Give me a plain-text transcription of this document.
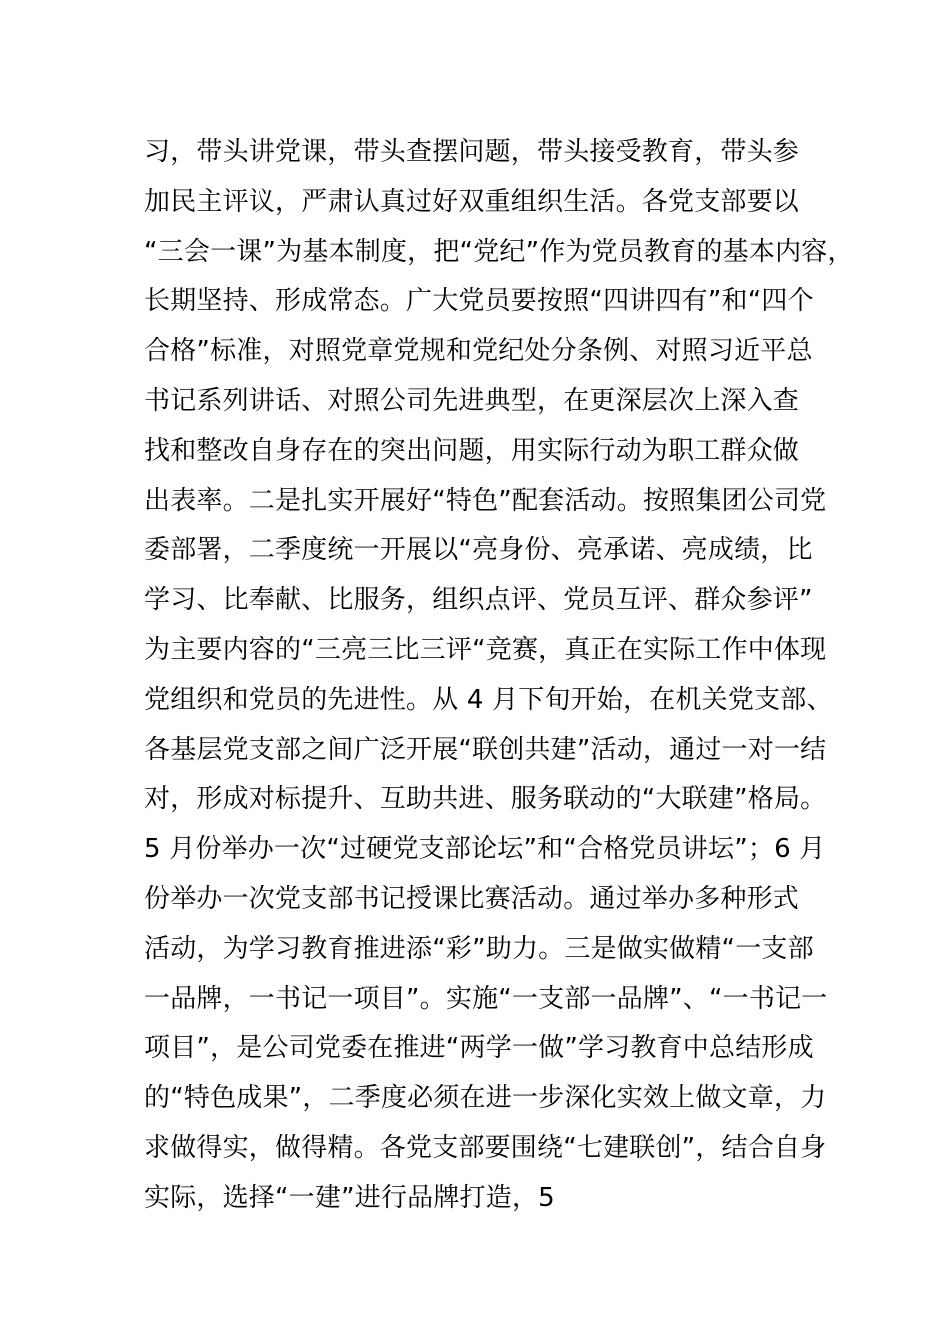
习，带头讲党课，带头查摆问题，带头接受教育，带头参
加民主评议，严肃认真过好双重组织生活。各党支部要以
“三会一课”为基本制度，把“党纪”作为党员教育的基本内容，
长期坚持、形成常态。广大党员要按照“四讲四有”和“四个
合格”标准，对照党章党规和党纪处分条例、对照习近平总
书记系列讲话、对照公司先进典型，在更深层次上深入查
找和整改自身存在的突出问题，用实际行动为职工群众做
出表率。二是扎实开展好“特色”配套活动。按照集团公司党
委部署，二季度统一开展以“亮身份、亮承诺、亮成绩，比
学习、比奉献、比服务，组织点评、党员互评、群众参评”
为主要内容的“三亮三比三评“竞赛，真正在实际工作中体现
党组织和党员的先进性。从 4 月下旬开始，在机关党支部、
各基层党支部之间广泛开展“联创共建”活动，通过一对一结
对，形成对标提升、互助共进、服务联动的“大联建”格局。
5 月份举办一次“过硬党支部论坛”和“合格党员讲坛”；6 月
份举办一次党支部书记授课比赛活动。通过举办多种形式
活动，为学习教育推进添“彩”助力。三是做实做精“一支部
一品牌，一书记一项目”。实施“一支部一品牌”、“一书记一
项目”，是公司党委在推进“两学一做”学习教育中总结形成
的“特色成果”，二季度必须在进一步深化实效上做文章，力
求做得实，做得精。各党支部要围绕“七建联创”，结合自身
实际，选择“一建”进行品牌打造，5
